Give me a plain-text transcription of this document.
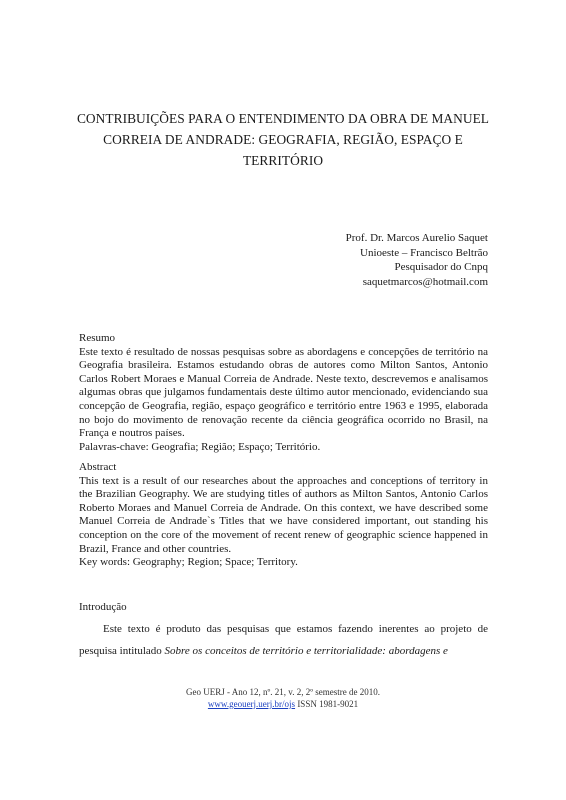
CONTRIBUIÇÕES PARA O ENTENDIMENTO DA OBRA DE MANUEL
CORREIA DE ANDRADE: GEOGRAFIA, REGIÃO, ESPAÇO E
TERRITÓRIO
Prof. Dr. Marcos Aurelio Saquet
Unioeste – Francisco Beltrão
Pesquisador do Cnpq
saquetmarcos@hotmail.com
Resumo

Este texto é resultado de nossas pesquisas sobre as abordagens e concepções de território na Geografia brasileira. Estamos estudando obras de autores como Milton Santos, Antonio Carlos Robert Moraes e Manual Correia de Andrade. Neste texto, descrevemos e analisamos algumas obras que julgamos fundamentais deste último autor mencionado, evidenciando sua concepção de Geografia, região, espaço geográfico e território entre 1963 e 1995, elaborada no bojo do movimento de renovação recente da ciência geográfica ocorrido no Brasil, na França e noutros países.

Palavras-chave: Geografia; Região; Espaço; Território.
Abstract

This text is a result of our researches about the approaches and conceptions of territory in the Brazilian Geography. We are studying titles of authors as Milton Santos, Antonio Carlos Roberto Moraes and Manuel Correia de Andrade. On this context, we have described some Manuel Correia de Andrade`s Titles that we have considered important, out standing his conception on the core of the movement of recent renew of geographic science happened in Brazil, France and other countries.

Key words: Geography; Region; Space; Territory.
Introdução

Este texto é produto das pesquisas que estamos fazendo inerentes ao projeto de pesquisa intitulado Sobre os conceitos de território e territorialidade: abordagens e

Geo UERJ - Ano 12, nº. 21, v. 2, 2º semestre de 2010.
www.geouerj.uerj.br/ojs ISSN 1981-9021
